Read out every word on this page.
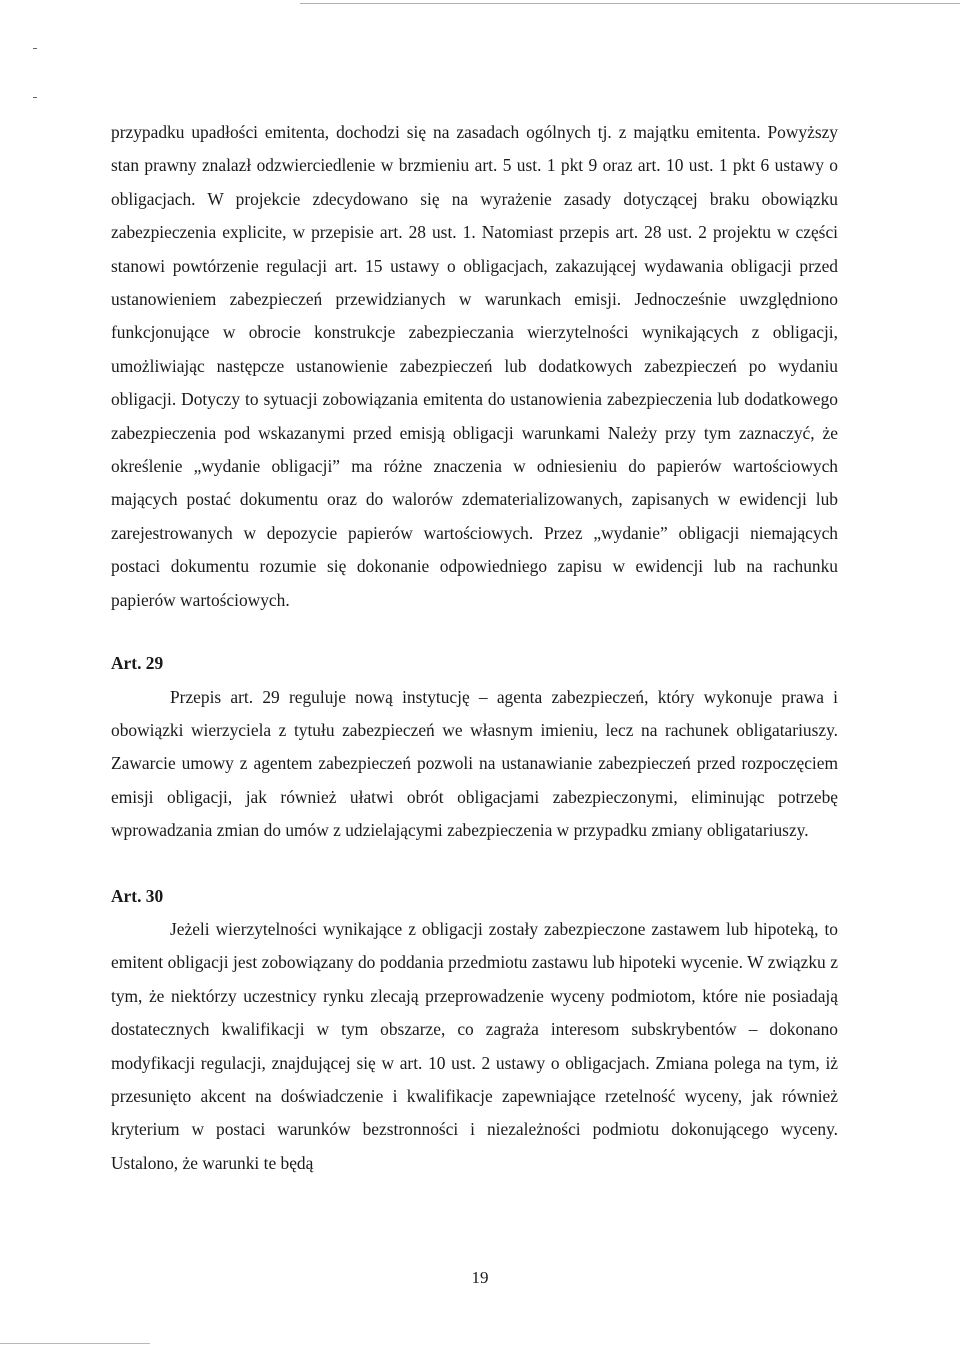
przypadku upadłości emitenta, dochodzi się na zasadach ogólnych tj. z majątku emitenta. Powyższy stan prawny znalazł odzwierciedlenie w brzmieniu art. 5 ust. 1 pkt 9 oraz art. 10 ust. 1 pkt 6 ustawy o obligacjach. W projekcie zdecydowano się na wyrażenie zasady dotyczącej braku obowiązku zabezpieczenia explicite, w przepisie art. 28 ust. 1. Natomiast przepis art. 28 ust. 2 projektu w części stanowi powtórzenie regulacji art. 15 ustawy o obligacjach, zakazującej wydawania obligacji przed ustanowieniem zabezpieczeń przewidzianych w warunkach emisji. Jednocześnie uwzględniono funkcjonujące w obrocie konstrukcje zabezpieczania wierzytelności wynikających z obligacji, umożliwiając następcze ustanowienie zabezpieczeń lub dodatkowych zabezpieczeń po wydaniu obligacji. Dotyczy to sytuacji zobowiązania emitenta do ustanowienia zabezpieczenia lub dodatkowego zabezpieczenia pod wskazanymi przed emisją obligacji warunkami Należy przy tym zaznaczyć, że określenie „wydanie obligacji” ma różne znaczenia w odniesieniu do papierów wartościowych mających postać dokumentu oraz do walorów zdematerializowanych, zapisanych w ewidencji lub zarejestrowanych w depozycie papierów wartościowych. Przez „wydanie” obligacji niemających postaci dokumentu rozumie się dokonanie odpowiedniego zapisu w ewidencji lub na rachunku papierów wartościowych.

Art. 29

Przepis art. 29 reguluje nową instytucję – agenta zabezpieczeń, który wykonuje prawa i obowiązki wierzyciela z tytułu zabezpieczeń we własnym imieniu, lecz na rachunek obligatariuszy. Zawarcie umowy z agentem zabezpieczeń pozwoli na ustanawianie zabezpieczeń przed rozpoczęciem emisji obligacji, jak również ułatwi obrót obligacjami zabezpieczonymi, eliminując potrzebę wprowadzania zmian do umów z udzielającymi zabezpieczenia w przypadku zmiany obligatariuszy.

Art. 30

Jeżeli wierzytelności wynikające z obligacji zostały zabezpieczone zastawem lub hipoteką, to emitent obligacji jest zobowiązany do poddania przedmiotu zastawu lub hipoteki wycenie. W związku z tym, że niektórzy uczestnicy rynku zlecają przeprowadzenie wyceny podmiotom, które nie posiadają dostatecznych kwalifikacji w tym obszarze, co zagraża interesom subskrybentów – dokonano modyfikacji regulacji, znajdującej się w art. 10 ust. 2 ustawy o obligacjach. Zmiana polega na tym, iż przesunięto akcent na doświadczenie i kwalifikacje zapewniające rzetelność wyceny, jak również kryterium w postaci warunków bezstronności i niezależności podmiotu dokonującego wyceny. Ustalono, że warunki te będą

19
